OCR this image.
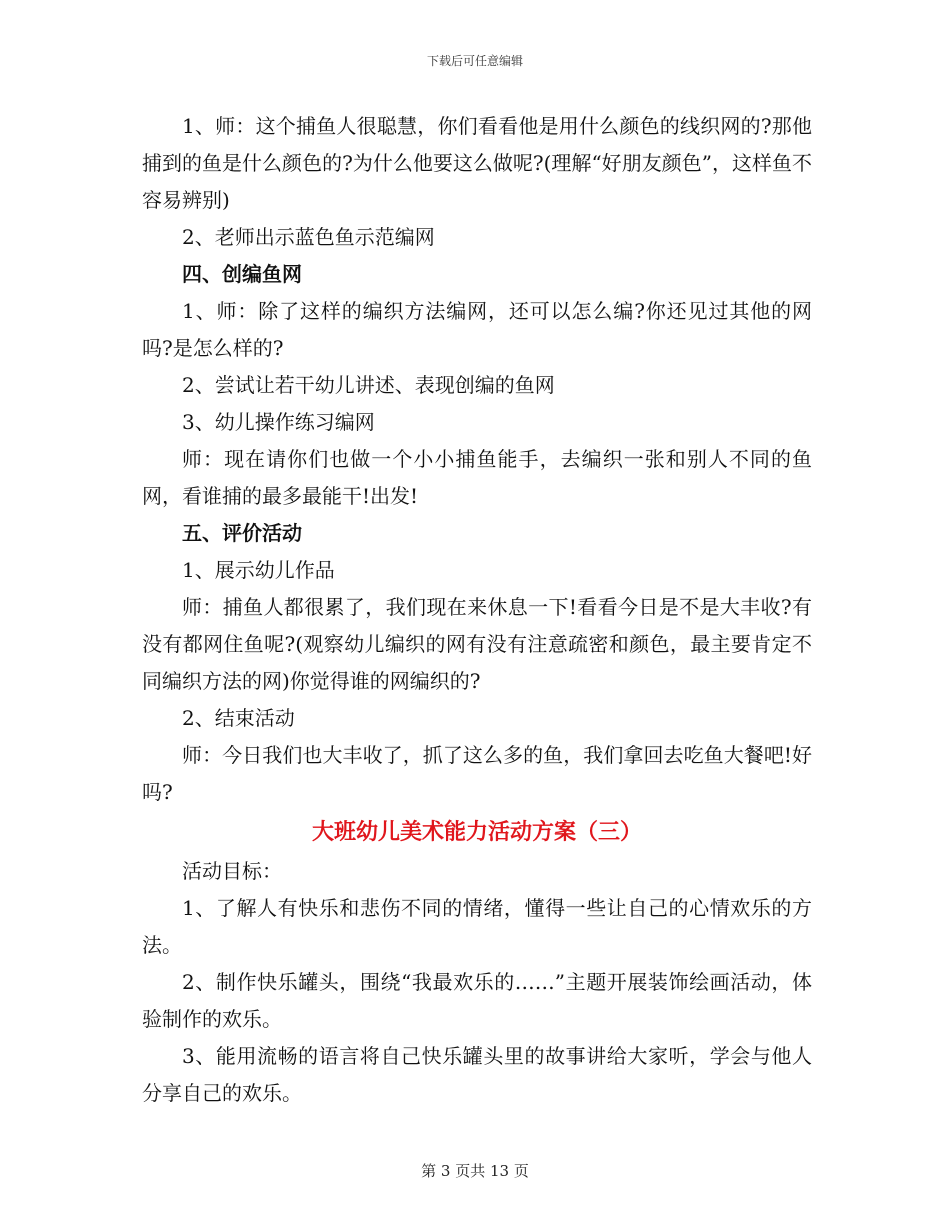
下载后可任意编辑

1、师：这个捕鱼人很聪慧，你们看看他是用什么颜色的线织网的?那他捕到的鱼是什么颜色的?为什么他要这么做呢?(理解“好朋友颜色”，这样鱼不容易辨别)

2、老师出示蓝色鱼示范编网

四、创编鱼网

1、师：除了这样的编织方法编网，还可以怎么编?你还见过其他的网吗?是怎么样的?

2、尝试让若干幼儿讲述、表现创编的鱼网

3、幼儿操作练习编网

师：现在请你们也做一个小小捕鱼能手，去编织一张和别人不同的鱼网，看谁捕的最多最能干!出发!

五、评价活动

1、展示幼儿作品

师：捕鱼人都很累了，我们现在来休息一下!看看今日是不是大丰收?有没有都网住鱼呢?(观察幼儿编织的网有没有注意疏密和颜色，最主要肯定不同编织方法的网)你觉得谁的网编织的?

2、结束活动

师：今日我们也大丰收了，抓了这么多的鱼，我们拿回去吃鱼大餐吧!好吗?

大班幼儿美术能力活动方案（三）

活动目标：

1、了解人有快乐和悲伤不同的情绪，懂得一些让自己的心情欢乐的方法。

2、制作快乐罐头，围绕“我最欢乐的……”主题开展装饰绘画活动，体验制作的欢乐。

3、能用流畅的语言将自己快乐罐头里的故事讲给大家听，学会与他人分享自己的欢乐。

第 3 页共 13 页
